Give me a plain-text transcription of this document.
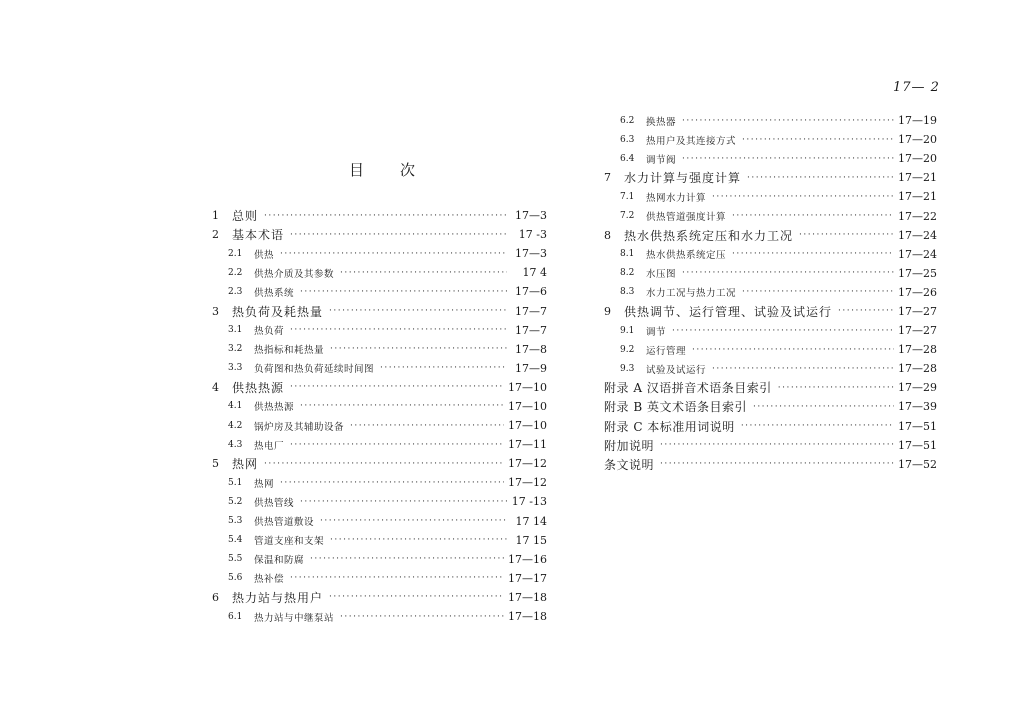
17— 2
目 次
1	总则 ·····	17—3
2	基本术语 ·····	17 -3
2.1	供热 ·····	17—3
2.2	供热介质及其参数 ·····	17 4
2.3	供热系统 ·····	17—6
3	热负荷及耗热量 ·····	17—7
3.1	热负荷 ·····	17—7
3.2	热指标和耗热量 ·····	17—8
3.3	负荷图和热负荷延续时间图 ·····	17—9
4	供热热源 ·····	17—10
4.1	供热热源 ·····	17—10
4.2	锅炉房及其辅助设备 ·····	17—10
4.3	热电厂 ·····	17—11
5	热网 ·····	17—12
5.1	热网 ·····	17—12
5.2	供热管线 ·····	17 -13
5.3	供热管道敷设 ·····	17 14
5.4	管道支座和支架 ·····	17 15
5.5	保温和防腐 ·····	17—16
5.6	热补偿 ·····	17—17
6	热力站与热用户 ·····	17—18
6.1	热力站与中继泵站 ·····	17—18
6.2	换热器 ·····	17—19
6.3	热用户及其连接方式 ·····	17—20
6.4	调节阀 ·····	17—20
7	水力计算与强度计算 ·····	17—21
7.1	热网水力计算 ·····	17—21
7.2	供热管道强度计算 ·····	17—22
8	热水供热系统定压和水力工况 ·····	17—24
8.1	热水供热系统定压 ·····	17—24
8.2	水压图 ·····	17—25
8.3	水力工况与热力工况 ·····	17—26
9	供热调节、运行管理、试验及试运行 ·····	17—27
9.1	调节 ·····	17—27
9.2	运行管理 ·····	17—28
9.3	试验及试运行 ·····	17—28
附录 A 汉语拼音术语条目索引 ·····	17—29
附录 B 英文术语条目索引 ·····	17—39
附录 C 本标准用词说明 ·····	17—51
附加说明 ·····	17—51
条文说明 ·····	17—52
